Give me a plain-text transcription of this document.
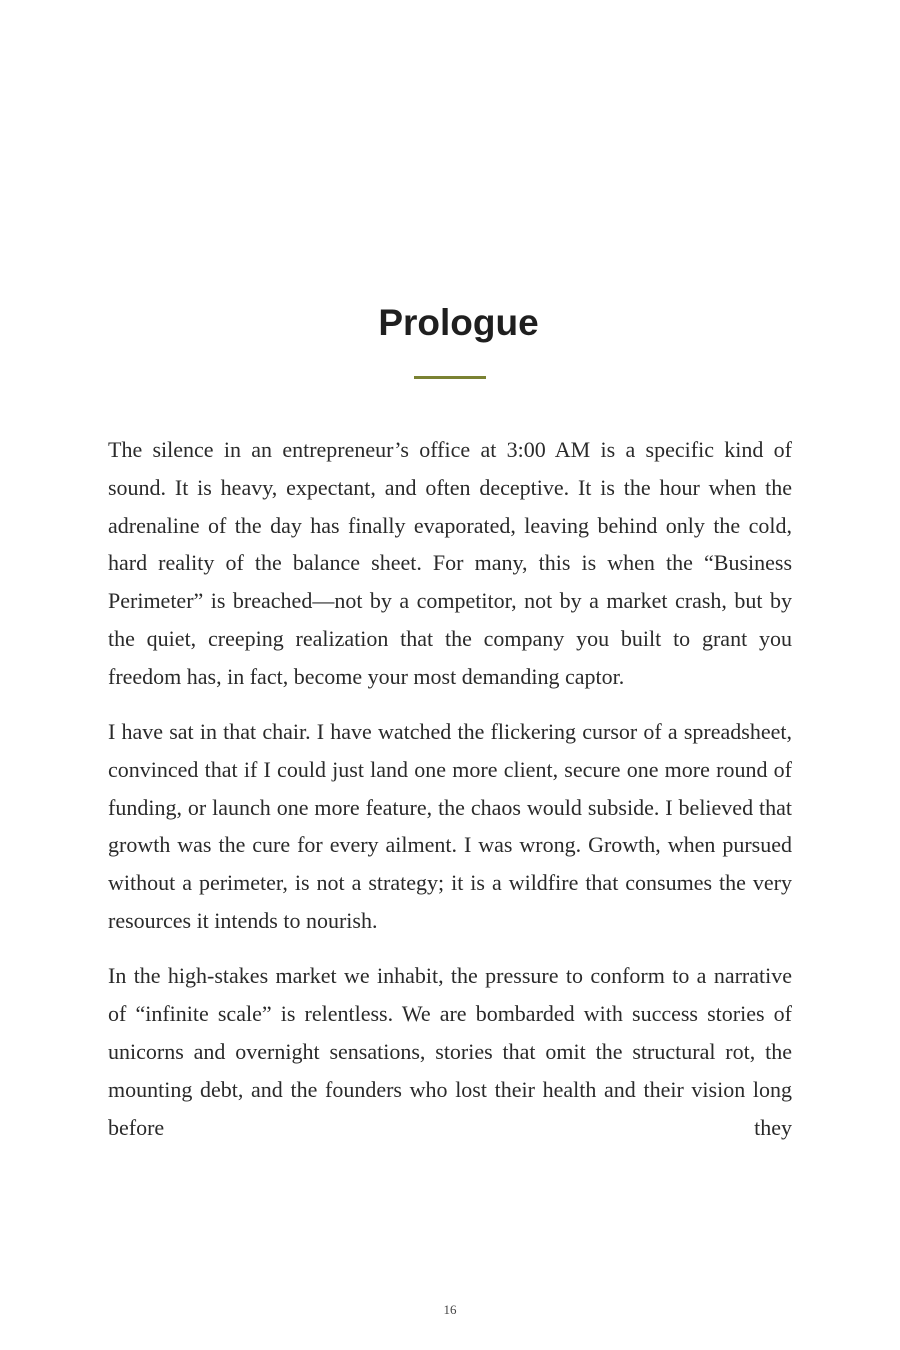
Prologue

The silence in an entrepreneur’s office at 3:00 AM is a specific kind of sound. It is heavy, expectant, and often deceptive. It is the hour when the adrenaline of the day has finally evaporated, leaving behind only the cold, hard reality of the balance sheet. For many, this is when the “Business Perimeter” is breached—not by a competitor, not by a market crash, but by the quiet, creeping realization that the company you built to grant you freedom has, in fact, become your most demanding captor.

I have sat in that chair. I have watched the flickering cursor of a spreadsheet, convinced that if I could just land one more client, secure one more round of funding, or launch one more feature, the chaos would subside. I believed that growth was the cure for every ailment. I was wrong. Growth, when pursued without a perimeter, is not a strategy; it is a wildfire that consumes the very resources it intends to nourish.

In the high-stakes market we inhabit, the pressure to conform to a narrative of “infinite scale” is relentless. We are bombarded with success stories of unicorns and overnight sensations, stories that omit the structural rot, the mounting debt, and the founders who lost their health and their vision long before they

16
